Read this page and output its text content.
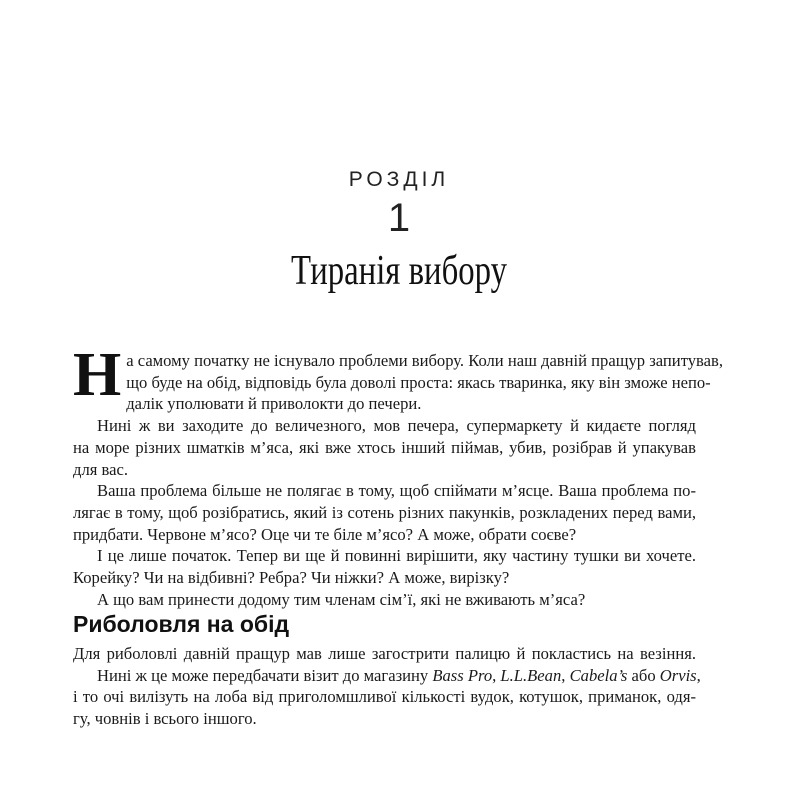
РОЗДІЛ
1
Тиранія вибору
Н а самому початку не існувало проблеми вибору. Коли наш давній пращур запитував,
що буде на обід, відповідь була доволі проста: якась тваринка, яку він зможе непо-
далік уполювати й приволокти до печери.
Нині ж ви заходите до величезного, мов печера, супермаркету й кидаєте погляд
на море різних шматків м’яса, які вже хтось інший піймав, убив, розібрав й упакував
для вас.
Ваша проблема більше не полягає в тому, щоб спіймати м’ясце. Ваша проблема по-
лягає в тому, щоб розібратись, який із сотень різних пакунків, розкладених перед вами,
придбати. Червоне м’ясо? Оце чи те біле м’ясо? А може, обрати соєве?
І це лише початок. Тепер ви ще й повинні вирішити, яку частину тушки ви хочете.
Корейку? Чи на відбивні? Ребра? Чи ніжки? А може, вирізку?
А що вам принести додому тим членам сім’ї, які не вживають м’яса?
Риболовля на обід
Для риболовлі давній пращур мав лише загострити палицю й покластись на везіння.
Нині ж це може передбачати візит до магазину Bass Pro, L.L.Bean, Cabela’s або Orvis,
і то очі вилізуть на лоба від приголомшливої кількості вудок, котушок, приманок, одя-
гу, човнів і всього іншого.
